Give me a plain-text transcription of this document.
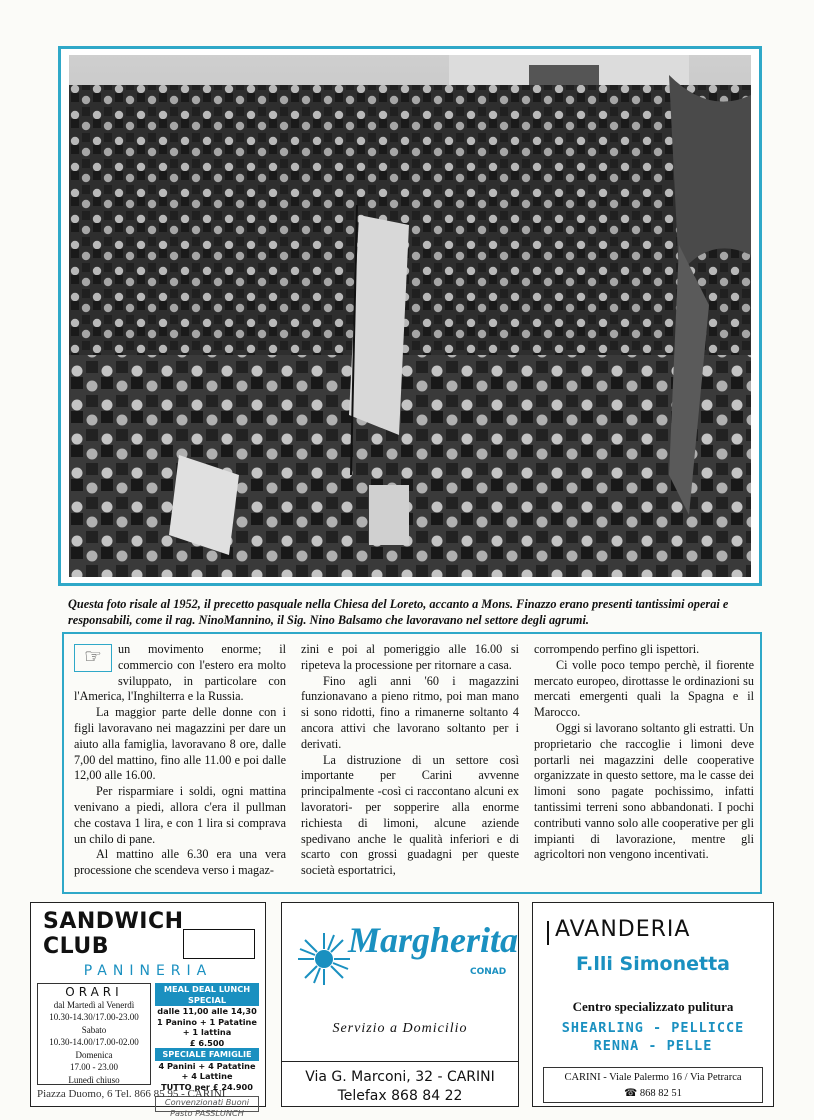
Questa foto risale al 1952, il precetto pasquale nella Chiesa del Loreto, accanto a Mons. Finazzo erano presenti tantissimi operai e responsabili, come il rag. NinoMannino, il Sig. Nino Balsamo che lavoravano nel settore degli agrumi.
☞	un movimento enorme; il commercio con l'estero era molto sviluppato, in particolare con l'America, l'Inghilterra e la Russia.

La maggior parte delle donne con i figli lavoravano nei magazzini per dare un aiuto alla famiglia, lavoravano 8 ore, dalle 7,00 del mattino, fino alle 11.00 e poi dalle 12,00 alle 16.00.

Per risparmiare i soldi, ogni mattina venivano a piedi, allora c'era il pullman che costava 1 lira, e con 1 lira si comprava un chilo di pane.

Al mattino alle 6.30 era una vera processione che scendeva verso i magaz-

zini e poi al pomeriggio alle 16.00 si ripeteva la processione per ritornare a casa.

Fino agli anni '60 i magazzini funzionavano a pieno ritmo, poi man mano si sono ridotti, fino a rimanerne soltanto 4 ancora attivi che lavorano soltanto per i derivati.

La distruzione di un settore così importante per Carini avvenne principalmente -così ci raccontano alcuni ex lavoratori- per sopperire alla enorme richiesta di limoni, alcune aziende spedivano anche le qualità inferiori e di scarto con grossi guadagni per queste società esportatrici,

corrompendo perfino gli ispettori.

Ci volle poco tempo perchè, il fiorente mercato europeo, dirottasse le ordinazioni su mercati emergenti quali la Spagna e il Marocco.

Oggi si lavorano soltanto gli estratti. Un proprietario che raccoglie i limoni deve portarli nei magazzini delle cooperative organizzate in questo settore, ma le casse dei limoni sono pagate pochissimo, infatti tantissimi terreni sono abbandonati. I pochi contributi vanno solo alle cooperative per gli impianti di lavorazione, mentre gli agricoltori non vengono incentivati.

SANDWICH
CLUB
PANINERIA
ORARI
dal Martedì al Venerdì
10.30-14.30/17.00-23.00
Sabato
10.30-14.00/17.00-02.00
Domenica
17.00 - 23.00
Lunedì chiuso
MEAL DEAL LUNCH SPECIAL
dalle 11,00 alle 14,30
1 Panino + 1 Patatine + 1 lattina
£ 6.500
SPECIALE FAMIGLIE
4 Panini + 4 Patatine + 4 Lattine
TUTTO per £ 24.900
Convenzionati Buoni Pasto PASSLUNCH
Piazza Duomo, 6 Tel. 866 85 95 - CARINI
Margherita
CONAD
Servizio a Domicilio
Via G. Marconi, 32 - CARINI
Telefax 868 84 22
AVANDERIA
F.lli Simonetta
Centro specializzato pulitura
SHEARLING - PELLICCE
RENNA - PELLE
CARINI - Viale Palermo 16 / Via Petrarca
☎ 868 82 51
